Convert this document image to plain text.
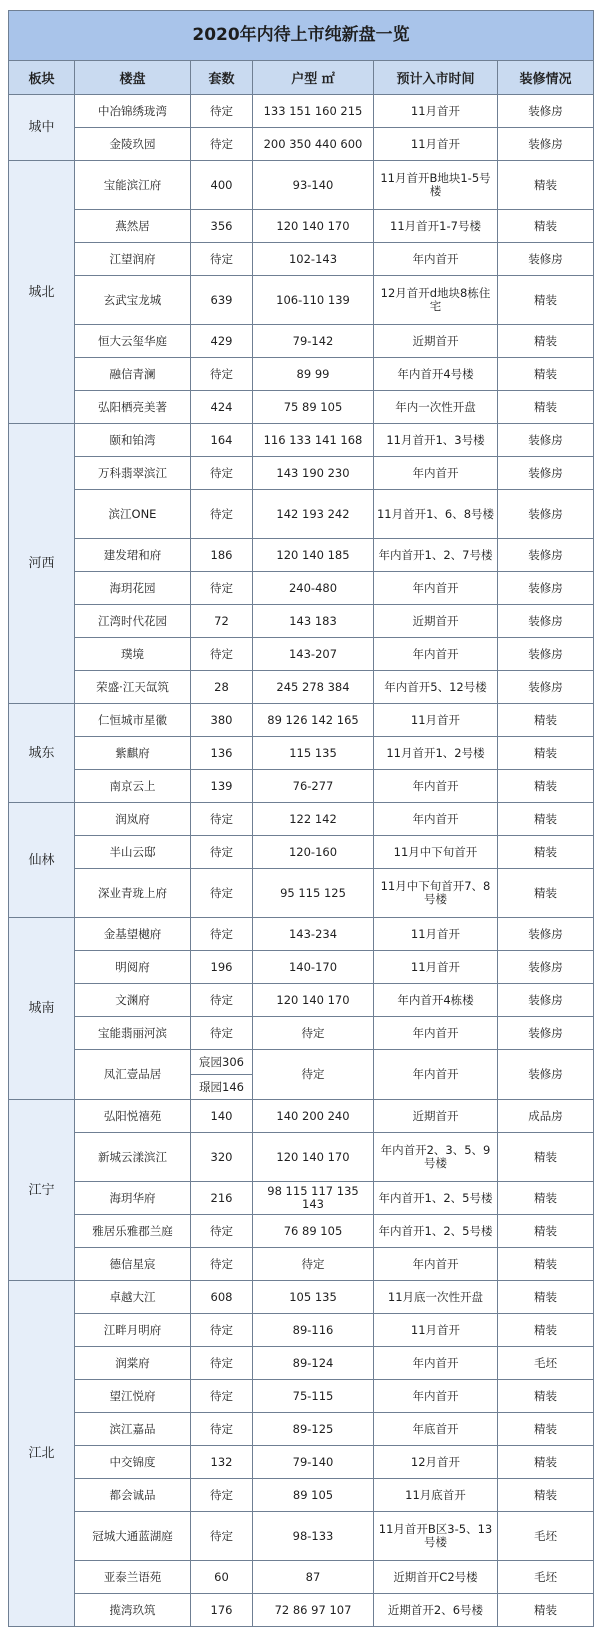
2020年内待上市纯新盘一览					
板块	楼盘	套数	户型 ㎡	预计入市时间	装修情况
城中	中冶锦绣珑湾	待定	133 151 160 215	11月首开	装修房
	金陵玖园	待定	200 350 440 600	11月首开	装修房
城北	宝能滨江府	400	93-140	11月首开B地块1-5号楼	精装
	燕然居	356	120 140 170	11月首开1-7号楼	精装
	江望润府	待定	102-143	年内首开	装修房
	玄武宝龙城	639	106-110 139	12月首开d地块8栋住宅	精装
	恒大云玺华庭	429	79-142	近期首开	精装
	融信青澜	待定	89 99	年内首开4号楼	精装
	弘阳栖亮美著	424	75 89 105	年内一次性开盘	精装
河西	颐和铂湾	164	116 133 141 168	11月首开1、3号楼	装修房
	万科翡翠滨江	待定	143 190 230	年内首开	装修房
	滨江ONE	待定	142 193 242	11月首开1、6、8号楼	装修房
	建发珺和府	186	120 140 185	年内首开1、2、7号楼	装修房
	海玥花园	待定	240-480	年内首开	装修房
	江湾时代花园	72	143 183	近期首开	装修房
	璞境	待定	143-207	年内首开	装修房
	荣盛·江天氙筑	28	245 278 384	年内首开5、12号楼	装修房
城东	仁恒城市星徽	380	89 126 142 165	11月首开	精装
	紫麒府	136	115 135	11月首开1、2号楼	精装
	南京云上	139	76-277	年内首开	精装
仙林	润岚府	待定	122 142	年内首开	精装
	半山云邸	待定	120-160	11月中下旬首开	精装
	深业青珑上府	待定	95 115 125	11月中下旬首开7、8号楼	精装
城南	金基望樾府	待定	143-234	11月首开	装修房
	明阅府	196	140-170	11月首开	装修房
	文渊府	待定	120 140 170	年内首开4栋楼	装修房
	宝能翡丽河滨	待定	待定	年内首开	装修房
	凤汇壹品居	宸园306	待定	年内首开	装修房
		璟园146			
江宁	弘阳悦禧苑	140	140 200 240	近期首开	成品房
	新城云漾滨江	320	120 140 170	年内首开2、3、5、9号楼	精装
	海玥华府	216	98 115 117 135 143	年内首开1、2、5号楼	精装
	雅居乐雅郡兰庭	待定	76 89 105	年内首开1、2、5号楼	精装
	德信星宸	待定	待定	年内首开	精装
江北	卓越大江	608	105 135	11月底一次性开盘	精装
	江畔月明府	待定	89-116	11月首开	精装
	润棠府	待定	89-124	年内首开	毛坯
	望江悦府	待定	75-115	年内首开	精装
	滨江嘉品	待定	89-125	年底首开	精装
	中交锦度	132	79-140	12月首开	精装
	都会诚品	待定	89 105	11月底首开	精装
	冠城大通蓝湖庭	待定	98-133	11月首开B区3-5、13号楼	毛坯
	亚泰兰语苑	60	87	近期首开C2号楼	毛坯
	揽湾玖筑	176	72 86 97 107	近期首开2、6号楼	精装
